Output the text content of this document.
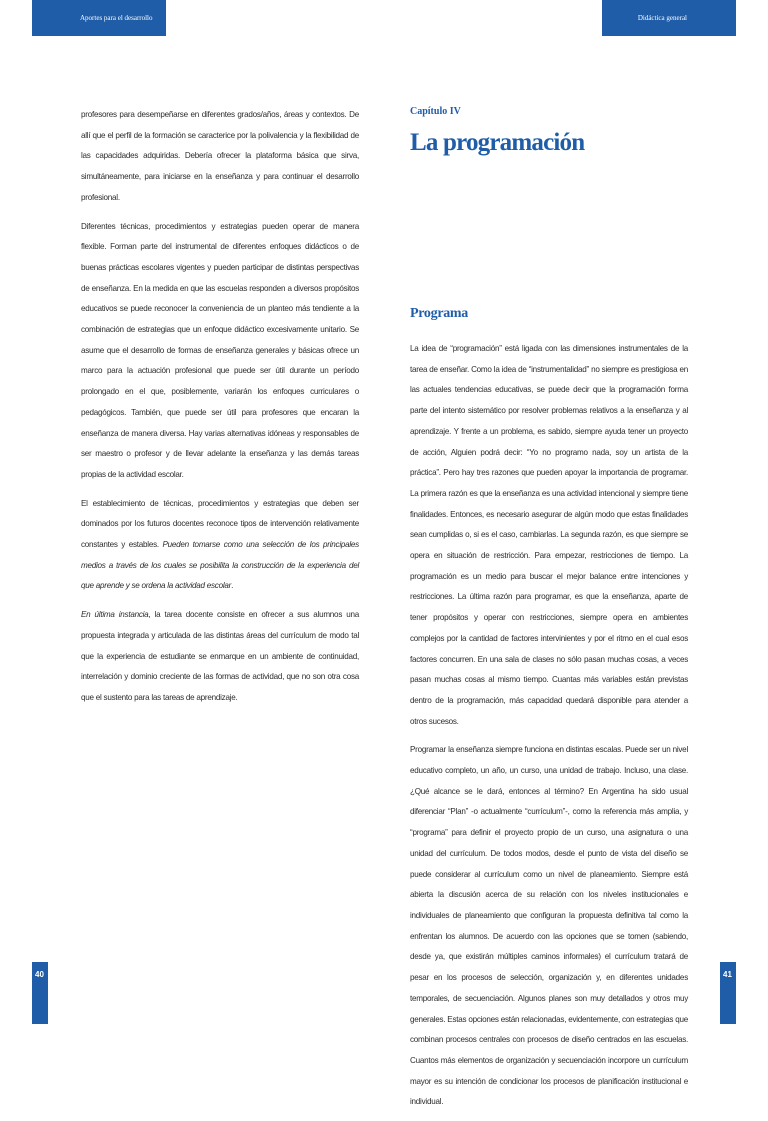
Aportes para el desarrollo curricular
Didáctica general

profesores para desempeñarse en diferentes grados/años, áreas y contextos. De allí que el perfil de la formación se caracterice por la polivalencia y la flexibilidad de las capacidades adquiridas. Debería ofrecer la plataforma básica que sirva, simultáneamente, para iniciarse en la enseñanza y para continuar el desarrollo profesional.

Diferentes técnicas, procedimientos y estrategias pueden operar de manera flexible. Forman parte del instrumental de diferentes enfoques didácticos o de buenas prácticas escolares vigentes y pueden participar de distintas perspectivas de enseñanza. En la medida en que las escuelas responden a diversos propósitos educativos se puede reconocer la conveniencia de un planteo más tendiente a la combinación de estrategias que un enfoque didáctico excesivamente unitario. Se asume que el desarrollo de formas de enseñanza generales y básicas ofrece un marco para la actuación profesional que puede ser útil durante un período prolongado en el que, posiblemente, variarán los enfoques curriculares o pedagógicos. También, que puede ser útil para profesores que encaran la enseñanza de manera diversa. Hay varias alternativas idóneas y responsables de ser maestro o profesor y de llevar adelante la enseñanza y las demás tareas propias de la actividad escolar.

El establecimiento de técnicas, procedimientos y estrategias que deben ser dominados por los futuros docentes reconoce tipos de intervención relativamente constantes y estables. Pueden tomarse como una selección de los principales medios a través de los cuales se posibilita la construcción de la experiencia del que aprende y se ordena la actividad escolar.

En última instancia, la tarea docente consiste en ofrecer a sus alumnos una propuesta integrada y articulada de las distintas áreas del currículum de modo tal que la experiencia de estudiante se enmarque en un ambiente de continuidad, interrelación y dominio creciente de las formas de actividad, que no son otra cosa que el sustento para las tareas de aprendizaje.

Capítulo IV
La programación
Programa

La idea de “programación” está ligada con las dimensiones instrumentales de la tarea de enseñar. Como la idea de “instrumentalidad” no siempre es prestigiosa en las actuales tendencias educativas, se puede decir que la programación forma parte del intento sistemático por resolver problemas relativos a la enseñanza y al aprendizaje. Y frente a un problema, es sabido, siempre ayuda tener un proyecto de acción, Alguien podrá decir: “Yo no programo nada, soy un artista de la práctica”. Pero hay tres razones que pueden apoyar la importancia de programar. La primera razón es que la enseñanza es una actividad intencional y siempre tiene finalidades. Entonces, es necesario asegurar de algún modo que estas finalidades sean cumplidas o, si es el caso, cambiarlas. La segunda razón, es que siempre se opera en situación de restricción. Para empezar, restricciones de tiempo. La programación es un medio para buscar el mejor balance entre intenciones y restricciones. La última razón para programar, es que la enseñanza, aparte de tener propósitos y operar con restricciones, siempre opera en ambientes complejos por la cantidad de factores intervinientes y por el ritmo en el cual esos factores concurren. En una sala de clases no sólo pasan muchas cosas, a veces pasan muchas cosas al mismo tiempo. Cuantas más variables están previstas dentro de la programación, más capacidad quedará disponible para atender a otros sucesos.

Programar la enseñanza siempre funciona en distintas escalas. Puede ser un nivel educativo completo, un año, un curso, una unidad de trabajo. Incluso, una clase. ¿Qué alcance se le dará, entonces al término? En Argentina ha sido usual diferenciar “Plan” -o actualmente “currículum”-, como la referencia más amplia, y “programa” para definir el proyecto propio de un curso, una asignatura o una unidad del currículum. De todos modos, desde el punto de vista del diseño se puede considerar al currículum como un nivel de planeamiento. Siempre está abierta la discusión acerca de su relación con los niveles institucionales e individuales de planeamiento que configuran la propuesta definitiva tal como la enfrentan los alumnos. De acuerdo con las opciones que se tomen (sabiendo, desde ya, que existirán múltiples caminos informales) el currículum tratará de pesar en los procesos de selección, organización y, en diferentes unidades temporales, de secuenciación. Algunos planes son muy detallados y otros muy generales. Estas opciones están relacionadas, evidentemente, con estrategias que combinan procesos centrales con procesos de diseño centrados en las escuelas. Cuantos más elementos de organización y secuenciación incorpore un currículum mayor es su intención de condicionar los procesos de planificación institucional e individual.

40	41
